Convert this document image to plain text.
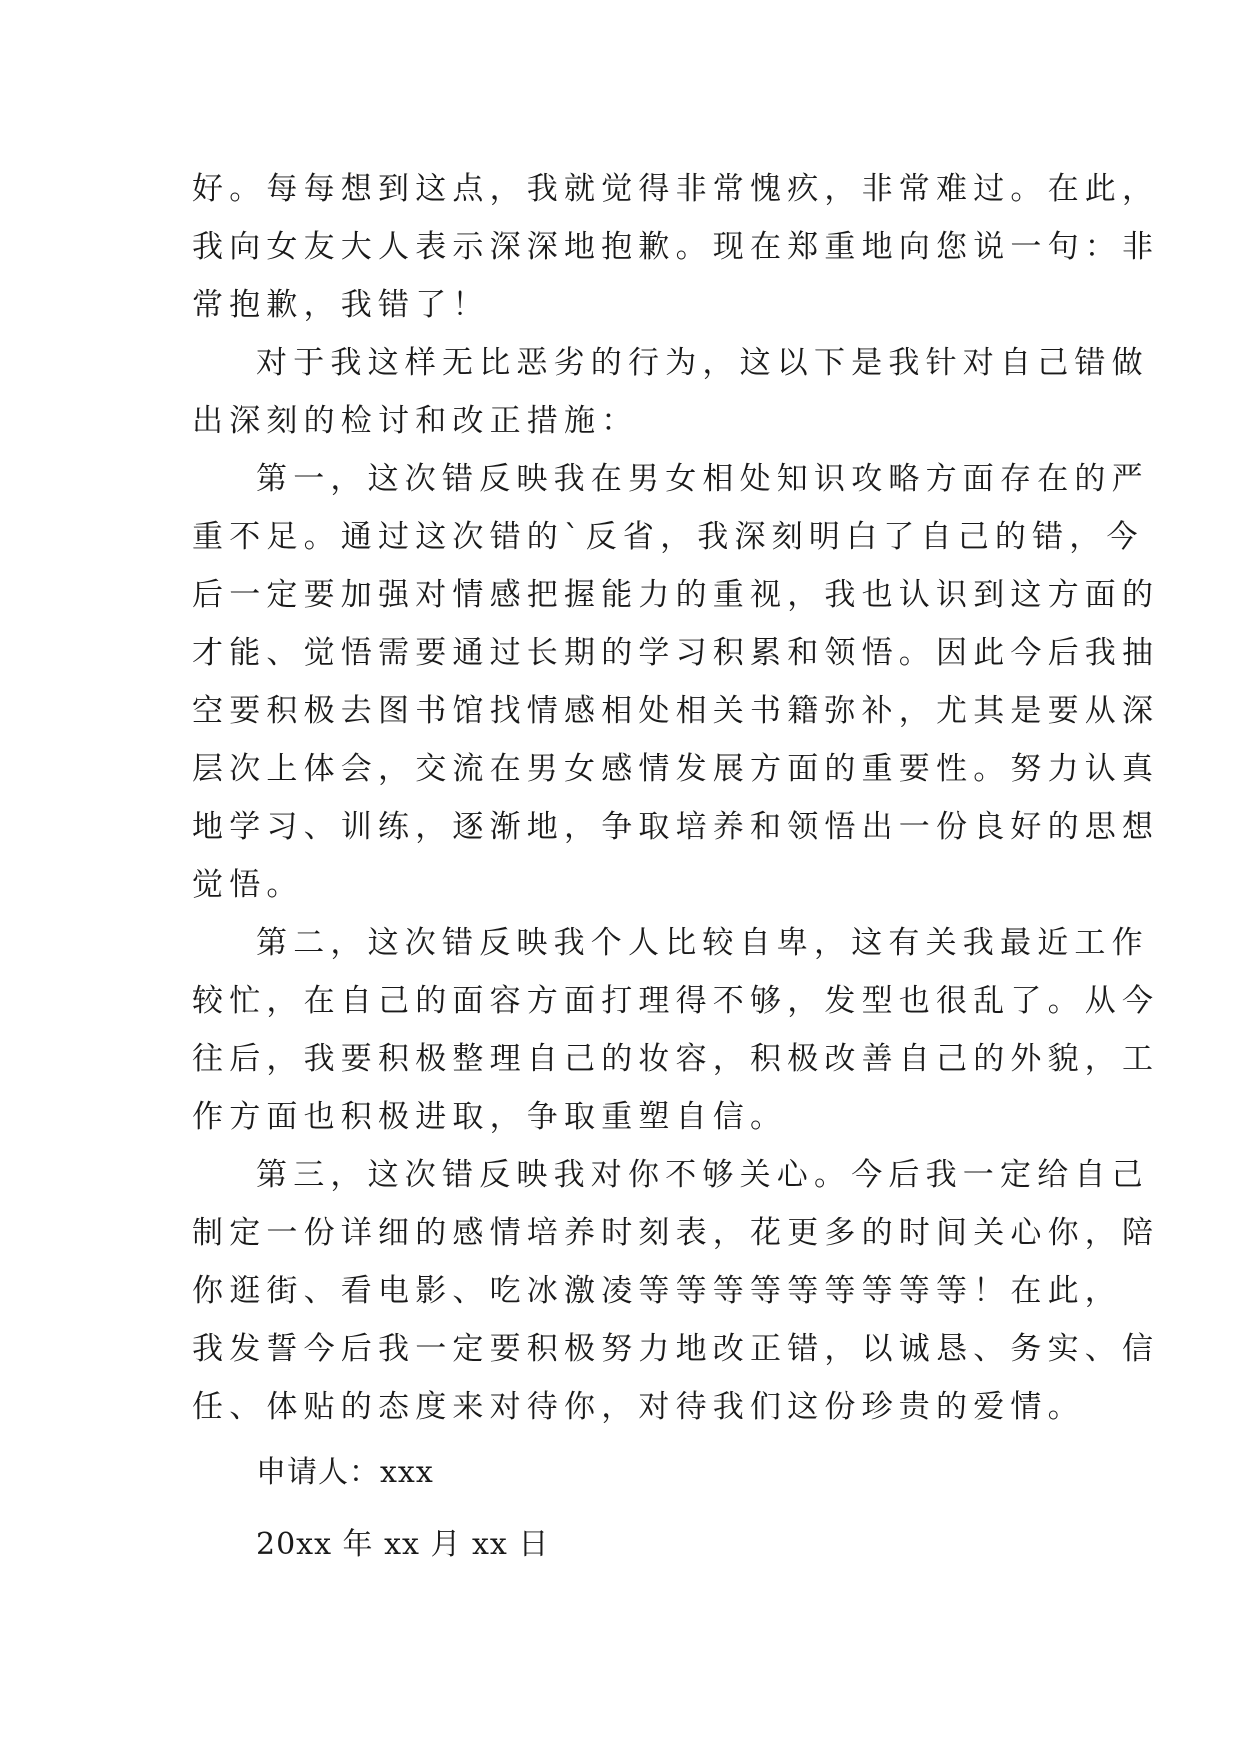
好。每每想到这点，我就觉得非常愧疚，非常难过。在此，
我向女友大人表示深深地抱歉。现在郑重地向您说一句：非
常抱歉，我错了！
对于我这样无比恶劣的行为，这以下是我针对自己错做
出深刻的检讨和改正措施：
第一，这次错反映我在男女相处知识攻略方面存在的严
重不足。通过这次错的`反省，我深刻明白了自己的错，今
后一定要加强对情感把握能力的重视，我也认识到这方面的
才能、觉悟需要通过长期的学习积累和领悟。因此今后我抽
空要积极去图书馆找情感相处相关书籍弥补，尤其是要从深
层次上体会，交流在男女感情发展方面的重要性。努力认真
地学习、训练，逐渐地，争取培养和领悟出一份良好的思想
觉悟。
第二，这次错反映我个人比较自卑，这有关我最近工作
较忙，在自己的面容方面打理得不够，发型也很乱了。从今
往后，我要积极整理自己的妆容，积极改善自己的外貌，工
作方面也积极进取，争取重塑自信。
第三，这次错反映我对你不够关心。今后我一定给自己
制定一份详细的感情培养时刻表，花更多的时间关心你，陪
你逛街、看电影、吃冰激凌等等等等等等等等等！在此，
我发誓今后我一定要积极努力地改正错，以诚恳、务实、信
任、体贴的态度来对待你，对待我们这份珍贵的爱情。
申请人：xxx
20xx 年 xx 月 xx 日
